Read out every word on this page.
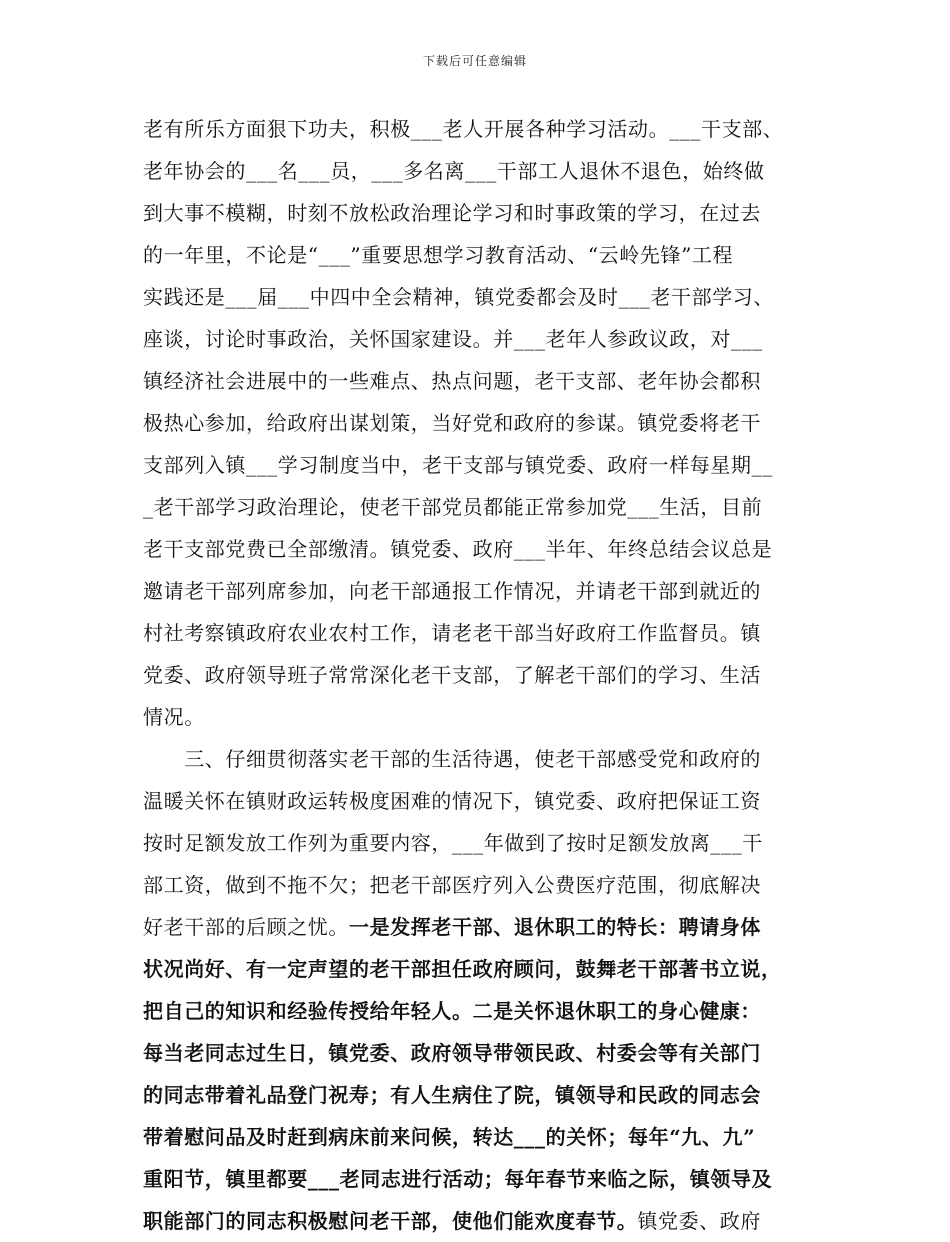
下载后可任意编辑
老有所乐方面狠下功夫，积极___老人开展各种学习活动。___干支部、
老年协会的___名___员，___多名离___干部工人退休不退色，始终做
到大事不模糊，时刻不放松政治理论学习和时事政策的学习，在过去
的一年里，不论是“___”重要思想学习教育活动、“云岭先锋”工程
实践还是___届___中四中全会精神，镇党委都会及时___老干部学习、
座谈，讨论时事政治，关怀国家建设。并___老年人参政议政，对___
镇经济社会进展中的一些难点、热点问题，老干支部、老年协会都积
极热心参加，给政府出谋划策，当好党和政府的参谋。镇党委将老干
支部列入镇___学习制度当中，老干支部与镇党委、政府一样每星期__
_老干部学习政治理论，使老干部党员都能正常参加党___生活，目前
老干支部党费已全部缴清。镇党委、政府___半年、年终总结会议总是
邀请老干部列席参加，向老干部通报工作情况，并请老干部到就近的
村社考察镇政府农业农村工作，请老老干部当好政府工作监督员。镇
党委、政府领导班子常常深化老干支部，了解老干部们的学习、生活
情况。
　　三、仔细贯彻落实老干部的生活待遇，使老干部感受党和政府的
温暖关怀在镇财政运转极度困难的情况下，镇党委、政府把保证工资
按时足额发放工作列为重要内容，___年做到了按时足额发放离___干
部工资，做到不拖不欠；把老干部医疗列入公费医疗范围，彻底解决
好老干部的后顾之忧。一是发挥老干部、退休职工的特长：聘请身体
状况尚好、有一定声望的老干部担任政府顾问，鼓舞老干部著书立说，
把自己的知识和经验传授给年轻人。二是关怀退休职工的身心健康：
每当老同志过生日，镇党委、政府领导带领民政、村委会等有关部门
的同志带着礼品登门祝寿；有人生病住了院，镇领导和民政的同志会
带着慰问品及时赶到病床前来问候，转达___的关怀；每年“九、九”
重阳节，镇里都要___老同志进行活动；每年春节来临之际，镇领导及
职能部门的同志积极慰问老干部，使他们能欢度春节。镇党委、政府
